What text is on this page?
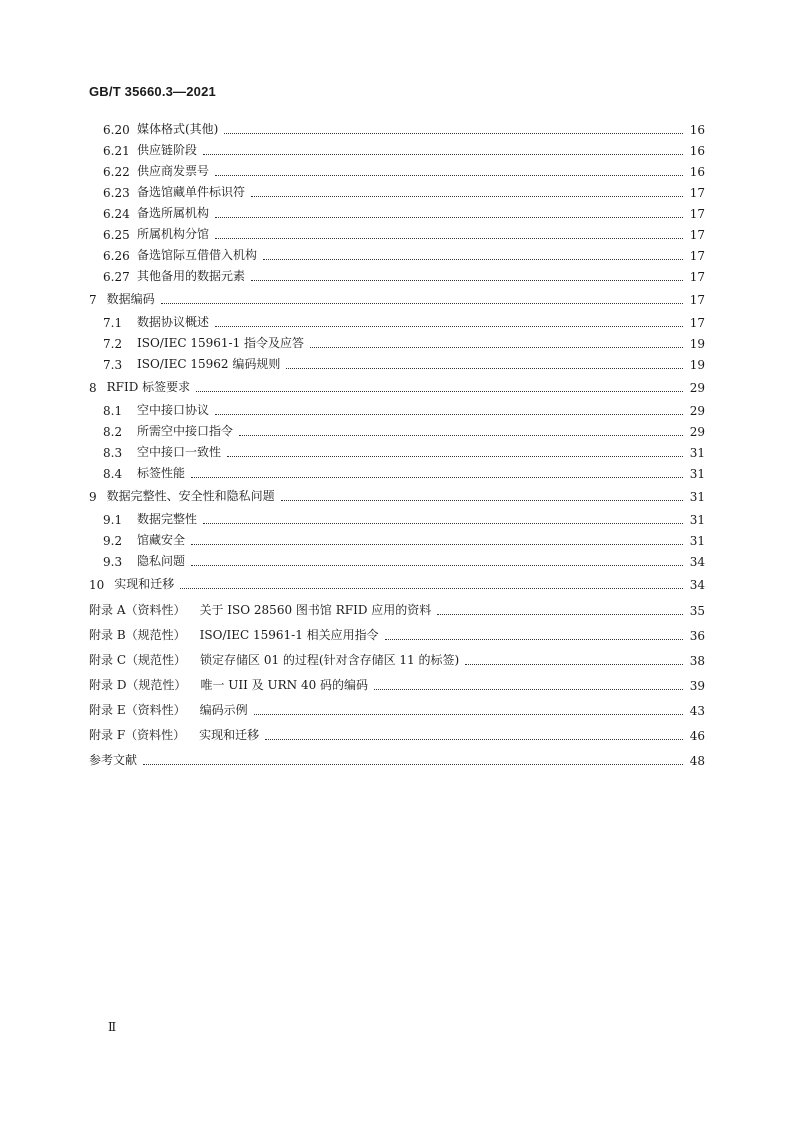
GB/T 35660.3—2021
6.20 媒体格式(其他)	16
6.21 供应链阶段	16
6.22 供应商发票号	16
6.23 备选馆藏单件标识符	17
6.24 备选所属机构	17
6.25 所属机构分馆	17
6.26 备选馆际互借借入机构	17
6.27 其他备用的数据元素	17
7 数据编码	17
7.1	数据协议概述	17
7.2	ISO/IEC 15961-1 指令及应答	19
7.3	ISO/IEC 15962 编码规则	19
8 RFID 标签要求	29
8.1	空中接口协议	29
8.2	所需空中接口指令	29
8.3	空中接口一致性	31
8.4	标签性能	31
9 数据完整性、安全性和隐私问题	31
9.1	数据完整性	31
9.2	馆藏安全	31
9.3	隐私问题	34
10 实现和迁移	34
附录 A（资料性） 关于 ISO 28560 图书馆 RFID 应用的资料	35
附录 B（规范性） ISO/IEC 15961-1 相关应用指令	36
附录 C（规范性） 锁定存储区 01 的过程(针对含存储区 11 的标签)	38
附录 D（规范性） 唯一 UII 及 URN 40 码的编码	39
附录 E（资料性） 编码示例	43
附录 F（资料性） 实现和迁移	46
参考文献	48
Ⅱ
